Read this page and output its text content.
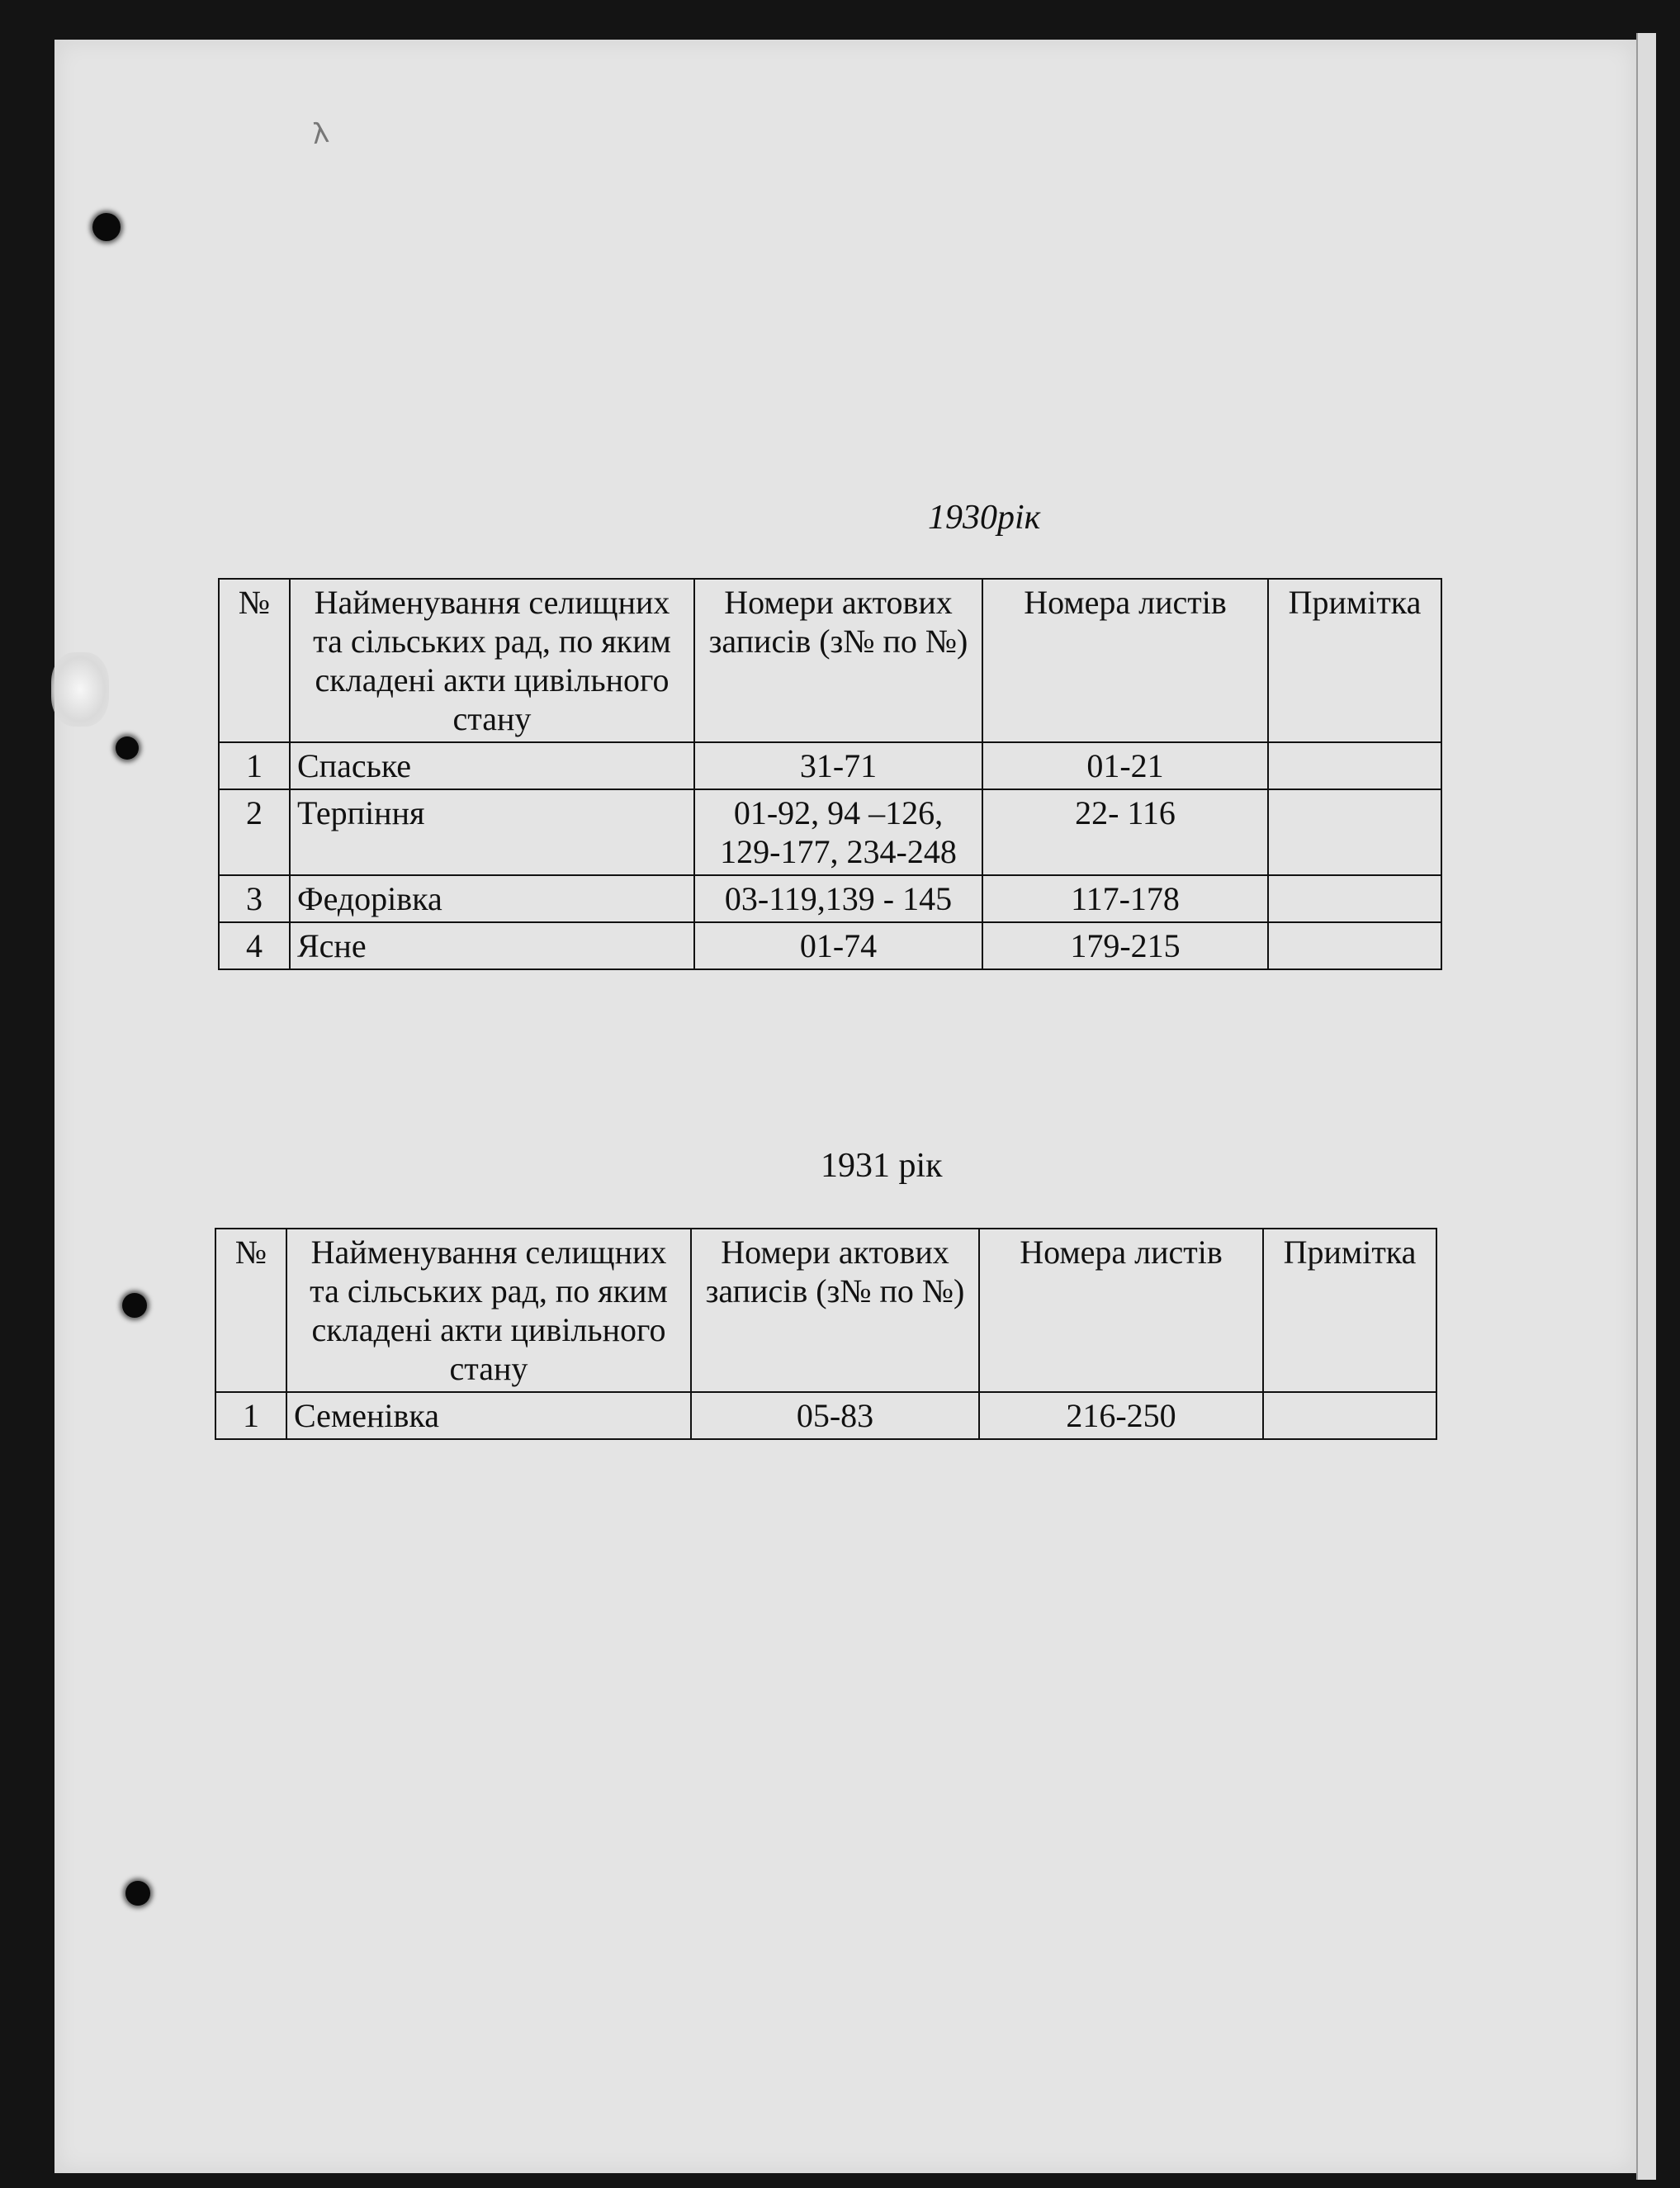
λ
1930рік
№	Найменування селищних та сільських рад, по яким складені акти цивільного стану	Номери актових записів (з№ по №)	Номера листів	Примітка
1	Спаське	31-71	01-21	
2	Терпіння	01-92, 94 –126, 129-177, 234-248	22- 116	
3	Федорівка	03-119,139 - 145	117-178	
4	Ясне	01-74	179-215	
1931 рік
№	Найменування селищних та сільських рад, по яким складені акти цивільного стану	Номери актових записів (з№ по №)	Номера листів	Примітка
1	Семенівка	05-83	216-250	
